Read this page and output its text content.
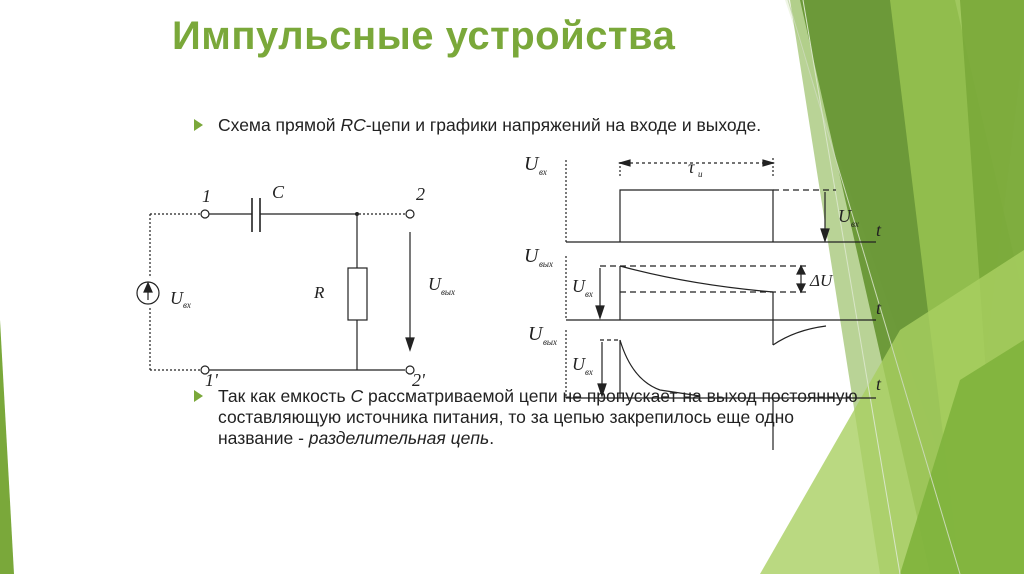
Импульсные устройства
Схема прямой RC-цепи и графики напряжений на входе и выходе.
1	2
C
R
U вх
U вых
1'	2'
U вх	τ и
U вх t
U вых
U вх
ΔU
t
U вых
U вх
t
Так как емкость С рассматриваемой цепи не пропускает на выход постоянную составляющую источника питания, то за цепью закрепилось еще одно название - разделительная цепь.
